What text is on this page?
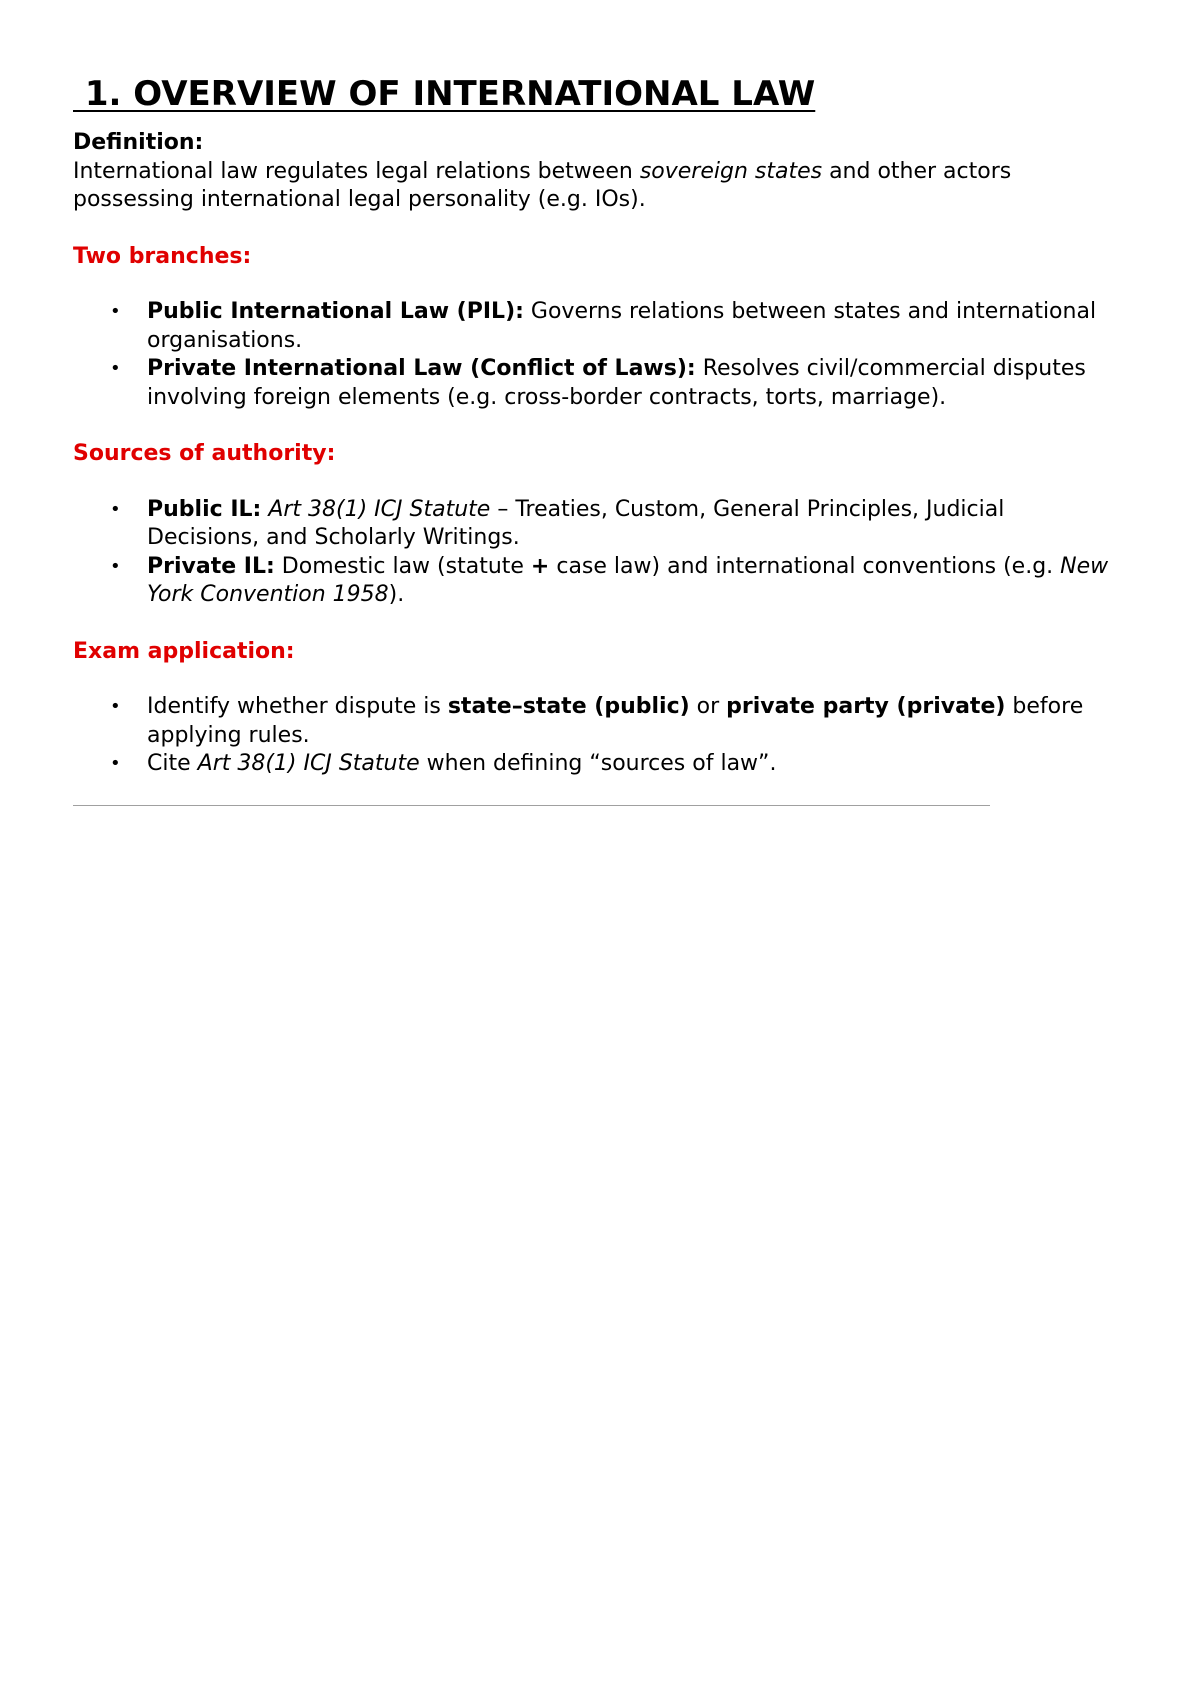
1. OVERVIEW OF INTERNATIONAL LAW
Definition:
International law regulates legal relations between sovereign states and other actors possessing international legal personality (e.g. IOs).
Two branches:
• Public International Law (PIL): Governs relations between states and international organisations.
• Private International Law (Conflict of Laws): Resolves civil/commercial disputes involving foreign elements (e.g. cross-border contracts, torts, marriage).
Sources of authority:
• Public IL: Art 38(1) ICJ Statute – Treaties, Custom, General Principles, Judicial Decisions, and Scholarly Writings.
• Private IL: Domestic law (statute + case law) and international conventions (e.g. New York Convention 1958).
Exam application:
• Identify whether dispute is state–state (public) or private party (private) before applying rules.
• Cite Art 38(1) ICJ Statute when defining “sources of law”.
